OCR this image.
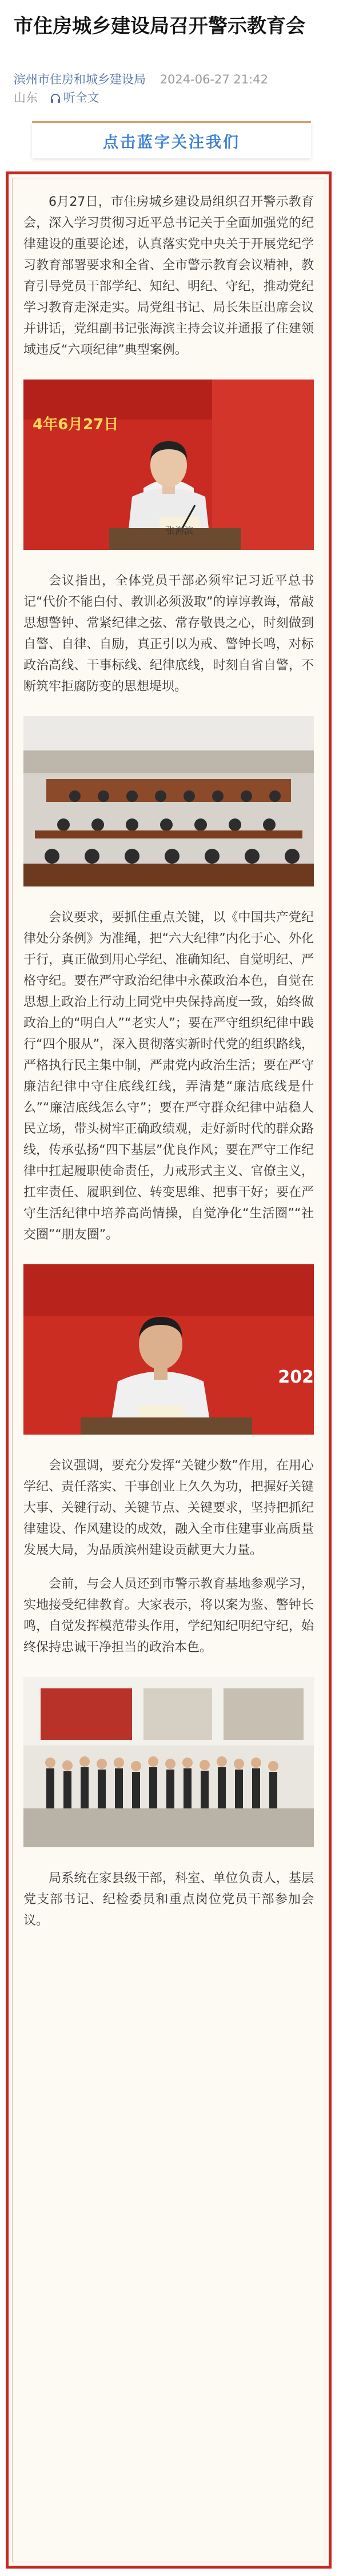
市住房城乡建设局召开警示教育会
滨州市住房和城乡建设局 2024-06-27 21:42
山东 听全文
点击蓝字关注我们

6月27日，市住房城乡建设局组织召开警示教育会，深入学习贯彻习近平总书记关于全面加强党的纪律建设的重要论述，认真落实党中央关于开展党纪学习教育部署要求和全省、全市警示教育会议精神，教育引导党员干部学纪、知纪、明纪、守纪，推动党纪学习教育走深走实。局党组书记、局长朱臣出席会议并讲话，党组副书记张海滨主持会议并通报了住建领域违反“六项纪律”典型案例。

4年6月27日
张海滨

会议指出，全体党员干部必须牢记习近平总书记“代价不能白付、教训必须汲取”的谆谆教诲，常敲思想警钟、常紧纪律之弦、常存敬畏之心，时刻做到自警、自律、自励，真正引以为戒、警钟长鸣，对标政治高线、干事标线、纪律底线，时刻自省自警，不断筑牢拒腐防变的思想堤坝。

会议要求，要抓住重点关键，以《中国共产党纪律处分条例》为准绳，把“六大纪律”内化于心、外化于行，真正做到用心学纪、准确知纪、自觉明纪、严格守纪。要在严守政治纪律中永葆政治本色，自觉在思想上政治上行动上同党中央保持高度一致，始终做政治上的“明白人”“老实人”；要在严守组织纪律中践行“四个服从”，深入贯彻落实新时代党的组织路线，严格执行民主集中制，严肃党内政治生活；要在严守廉洁纪律中守住底线红线，弄清楚“廉洁底线是什么”“廉洁底线怎么守”；要在严守群众纪律中站稳人民立场，带头树牢正确政绩观，走好新时代的群众路线，传承弘扬“四下基层”优良作风；要在严守工作纪律中扛起履职使命责任，力戒形式主义、官僚主义，扛牢责任、履职到位、转变思维、把事干好；要在严守生活纪律中培养高尚情操，自觉净化“生活圈”“社交圈”“朋友圈”。

202

会议强调，要充分发挥“关键少数”作用，在用心学纪、责任落实、干事创业上久久为功，把握好关键大事、关键行动、关键节点、关键要求，坚持把抓纪律建设、作风建设的成效，融入全市住建事业高质量发展大局，为品质滨州建设贡献更大力量。

会前，与会人员还到市警示教育基地参观学习，实地接受纪律教育。大家表示，将以案为鉴、警钟长鸣，自觉发挥模范带头作用，学纪知纪明纪守纪，始终保持忠诚干净担当的政治本色。

局系统在家县级干部，科室、单位负责人，基层党支部书记、纪检委员和重点岗位党员干部参加会议。
